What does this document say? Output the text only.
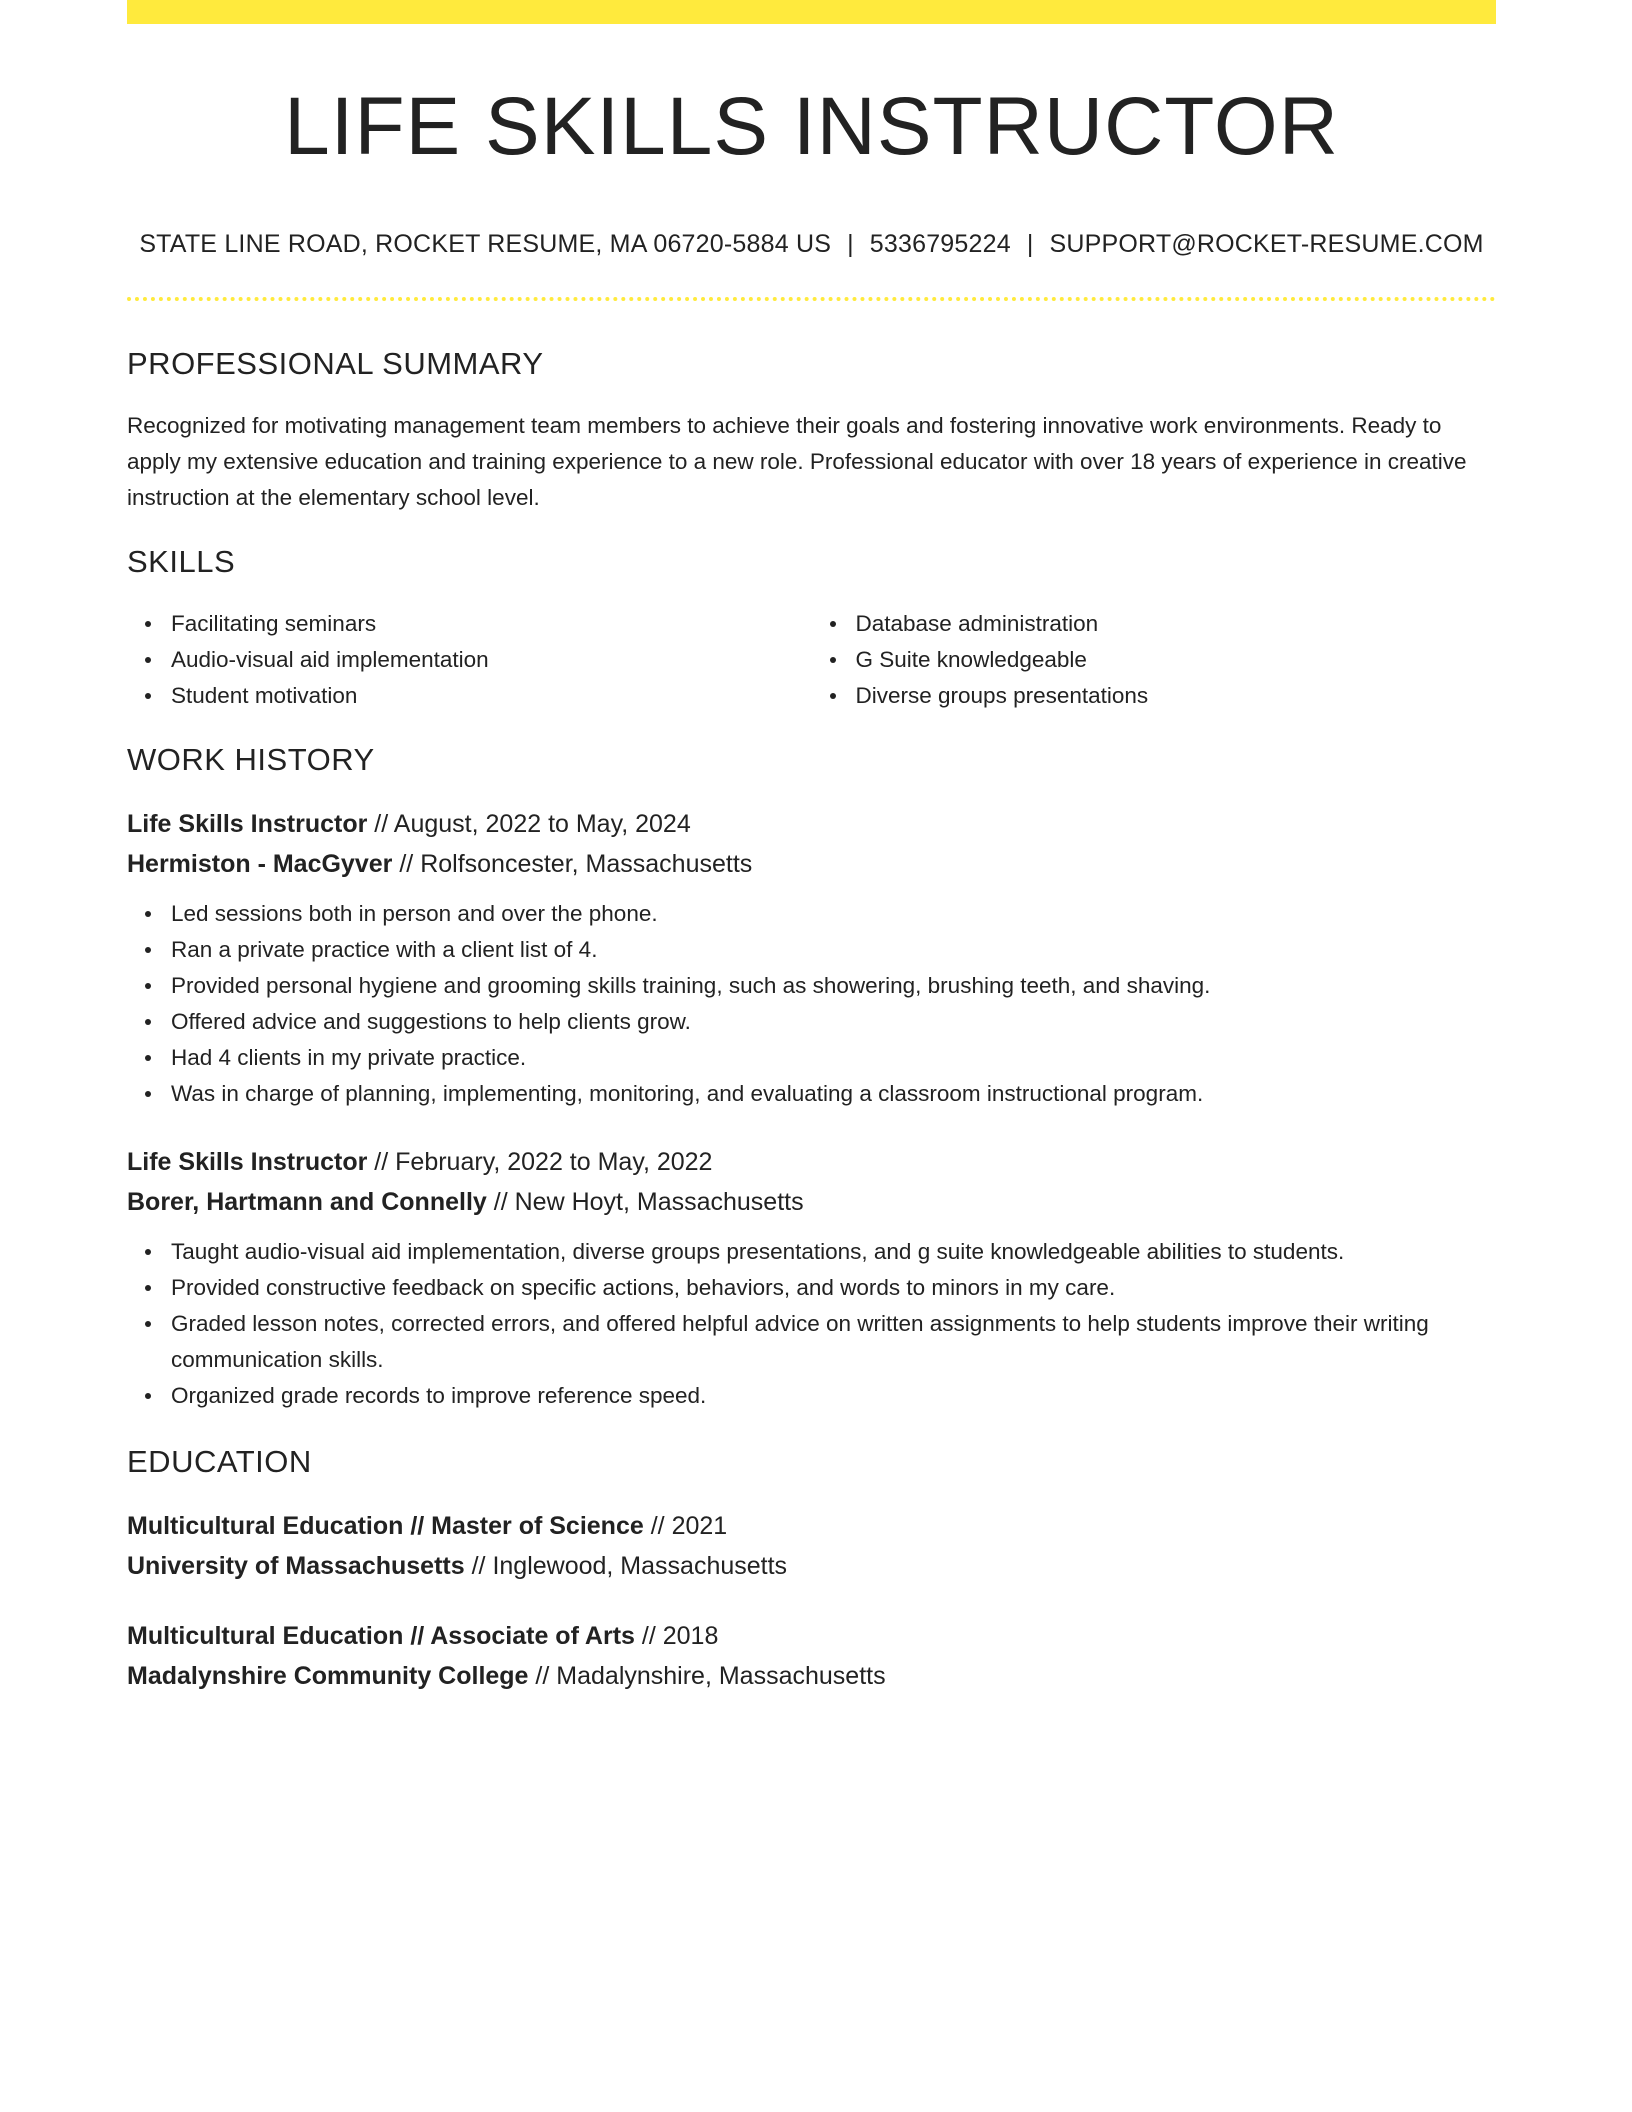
LIFE SKILLS INSTRUCTOR
STATE LINE ROAD, ROCKET RESUME, MA 06720-5884 US | 5336795224 | SUPPORT@ROCKET-RESUME.COM
PROFESSIONAL SUMMARY
Recognized for motivating management team members to achieve their goals and fostering innovative work environments. Ready to apply my extensive education and training experience to a new role. Professional educator with over 18 years of experience in creative instruction at the elementary school level.
SKILLS
Facilitating seminars
Audio-visual aid implementation
Student motivation
Database administration
G Suite knowledgeable
Diverse groups presentations
WORK HISTORY
Life Skills Instructor // August, 2022 to May, 2024
Hermiston - MacGyver // Rolfsoncester, Massachusetts
Led sessions both in person and over the phone.
Ran a private practice with a client list of 4.
Provided personal hygiene and grooming skills training, such as showering, brushing teeth, and shaving.
Offered advice and suggestions to help clients grow.
Had 4 clients in my private practice.
Was in charge of planning, implementing, monitoring, and evaluating a classroom instructional program.
Life Skills Instructor // February, 2022 to May, 2022
Borer, Hartmann and Connelly // New Hoyt, Massachusetts
Taught audio-visual aid implementation, diverse groups presentations, and g suite knowledgeable abilities to students.
Provided constructive feedback on specific actions, behaviors, and words to minors in my care.
Graded lesson notes, corrected errors, and offered helpful advice on written assignments to help students improve their writing communication skills.
Organized grade records to improve reference speed.
EDUCATION
Multicultural Education // Master of Science // 2021
University of Massachusetts // Inglewood, Massachusetts
Multicultural Education // Associate of Arts // 2018
Madalynshire Community College // Madalynshire, Massachusetts
